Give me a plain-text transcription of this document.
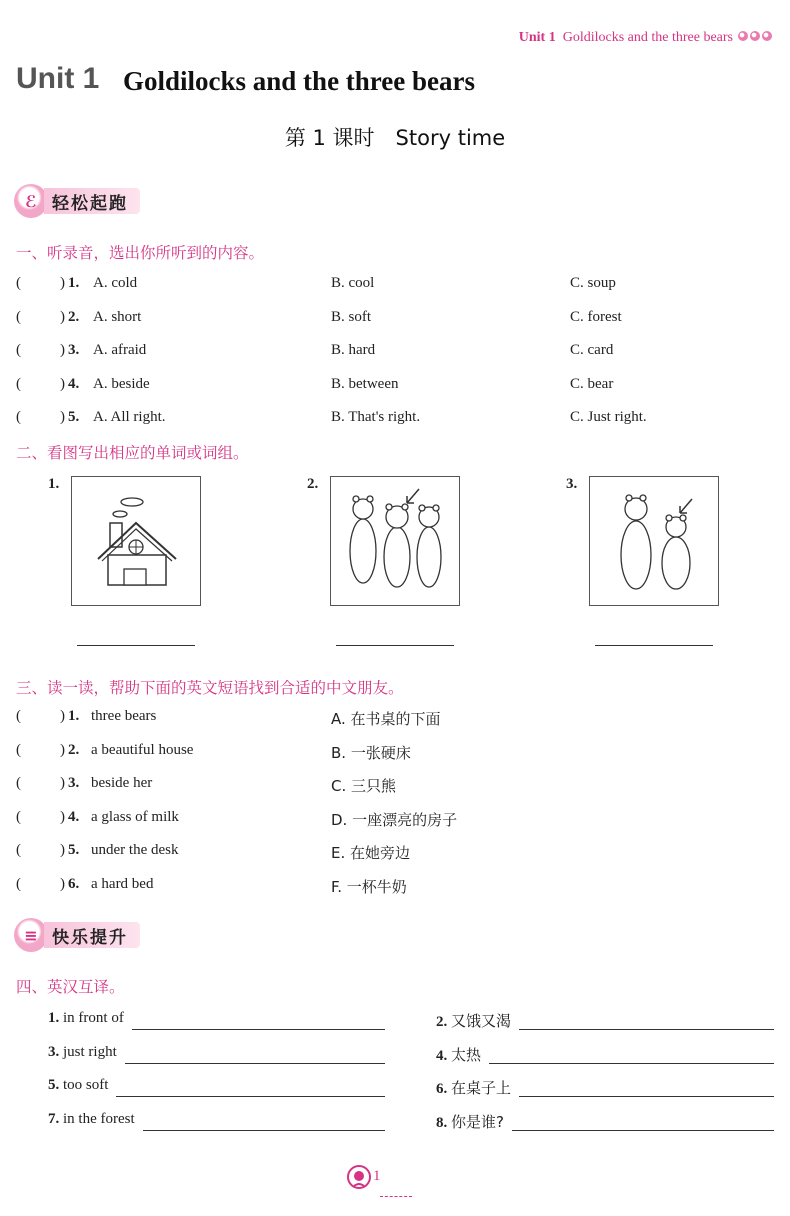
Unit 1 Goldilocks and the three bears
Unit 1 Goldilocks and the three bears
第 1 课时　Story time
ℰ 轻松起跑
一、听录音，选出你所听到的内容。
(	) 1. A. cold	B. cool	C. soup
(	) 2. A. short	B. soft	C. forest
(	) 3. A. afraid	B. hard	C. card
(	) 4. A. beside	B. between	C. bear
(	) 5. A. All right.	B. That's right.	C. Just right.
二、看图写出相应的单词或词组。
1.	2.	3.
三、读一读，帮助下面的英文短语找到合适的中文朋友。
(	) 1. three bears	A. 在书桌的下面
(	) 2. a beautiful house	B. 一张硬床
(	) 3. beside her	C. 三只熊
(	) 4. a glass of milk	D. 一座漂亮的房子
(	) 5. under the desk	E. 在她旁边
(	) 6. a hard bed	F. 一杯牛奶
≡ 快乐提升
四、英汉互译。
1. in front of	2. 又饿又渴
3. just right	4. 太热
5. too soft	6. 在桌子上
7. in the forest	8. 你是谁?
1
